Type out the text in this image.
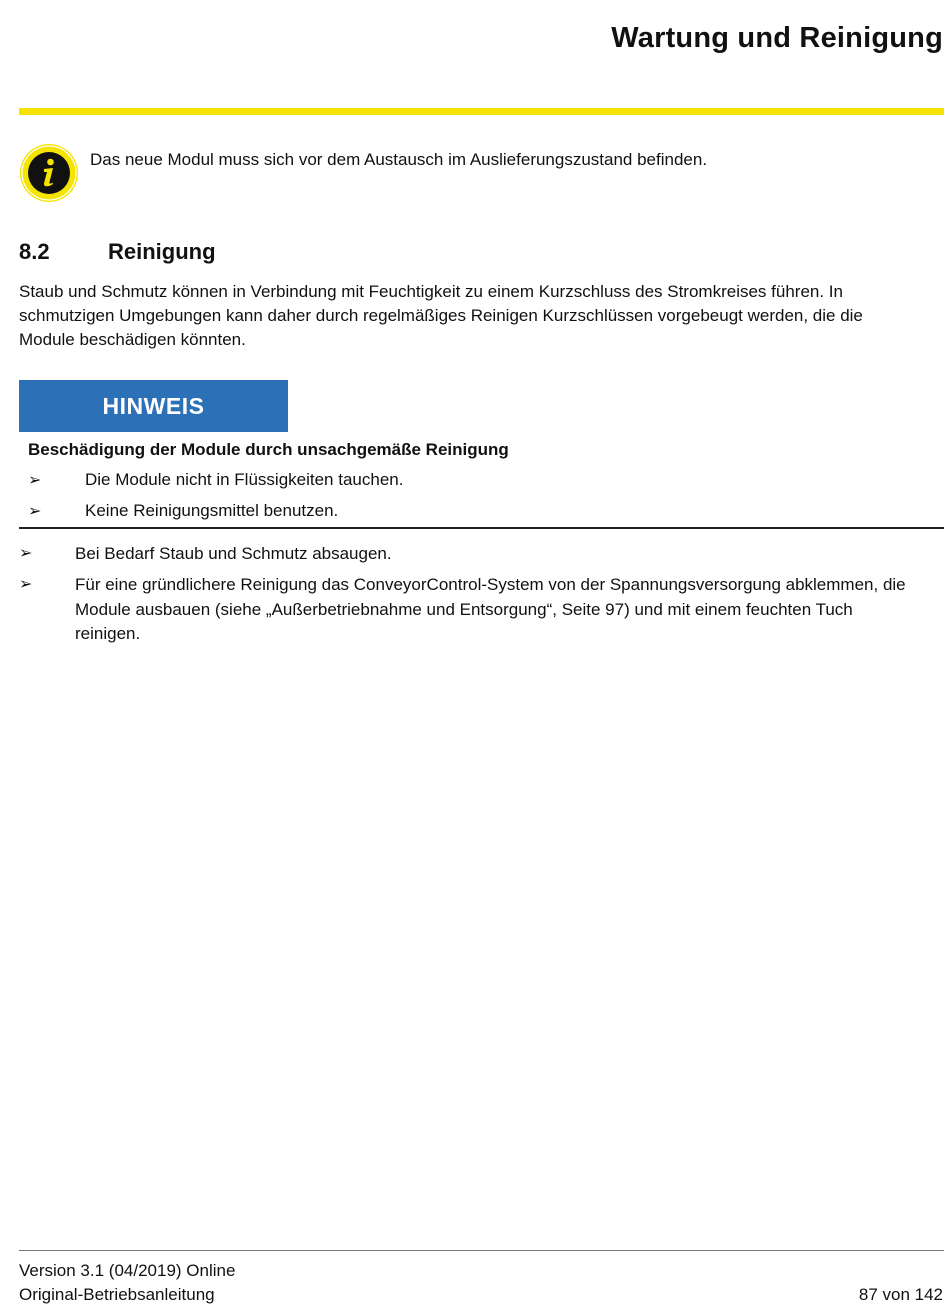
Wartung und Reinigung
Das neue Modul muss sich vor dem Austausch im Auslieferungszustand befinden.
8.2	Reinigung
Staub und Schmutz können in Verbindung mit Feuchtigkeit zu einem Kurzschluss des Stromkreises führen. In schmutzigen Umgebungen kann daher durch regelmäßiges Reinigen Kurzschlüssen vorgebeugt werden, die die Module beschädigen könnten.
HINWEIS
Beschädigung der Module durch unsachgemäße Reinigung
➢	Die Module nicht in Flüssigkeiten tauchen.
➢	Keine Reinigungsmittel benutzen.
➢	Bei Bedarf Staub und Schmutz absaugen.
➢	Für eine gründlichere Reinigung das ConveyorControl-System von der Spannungsversorgung abklemmen, die Module ausbauen (siehe „Außerbetriebnahme und Entsorgung“, Seite 97) und mit einem feuchten Tuch reinigen.
Version 3.1 (04/2019) Online
Original-Betriebsanleitung	87 von 142
